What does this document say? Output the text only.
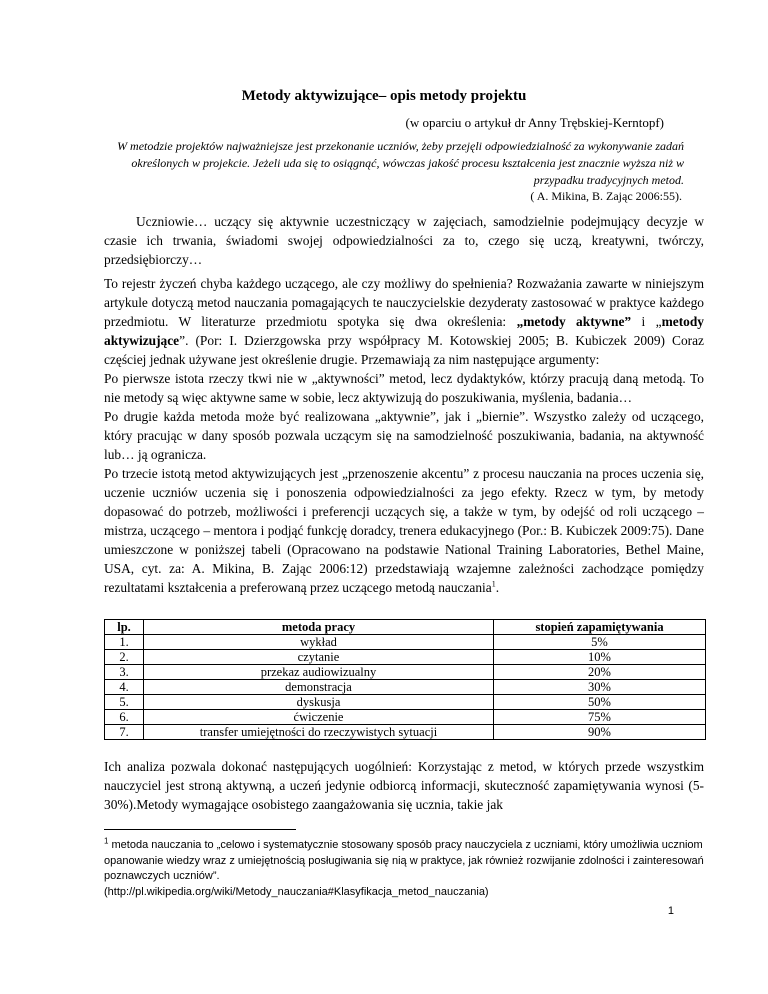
Metody aktywizujące– opis metody projektu
(w oparciu o artykuł dr Anny Trębskiej-Kerntopf)
W metodzie projektów najważniejsze jest przekonanie uczniów, żeby przejęli odpowiedzialność za wykonywanie zadań określonych w projekcie. Jeżeli uda się to osiągnąć, wówczas jakość procesu kształcenia jest znacznie wyższa niż w przypadku tradycyjnych metod.
( A. Mikina, B. Zając 2006:55).
Uczniowie… uczący się aktywnie uczestniczący w zajęciach, samodzielnie podejmujący decyzje w czasie ich trwania, świadomi swojej odpowiedzialności za to, czego się uczą, kreatywni, twórczy, przedsiębiorczy…

To rejestr życzeń chyba każdego uczącego, ale czy możliwy do spełnienia? Rozważania zawarte w niniejszym artykule dotyczą metod nauczania pomagających te nauczycielskie dezyderaty zastosować w praktyce każdego przedmiotu. W literaturze przedmiotu spotyka się dwa określenia: „metody aktywne” i „metody aktywizujące”. (Por: I. Dzierzgowska przy współpracy M. Kotowskiej 2005; B. Kubiczek 2009) Coraz częściej jednak używane jest określenie drugie. Przemawiają za nim następujące argumenty:

Po pierwsze istota rzeczy tkwi nie w „aktywności” metod, lecz dydaktyków, którzy pracują daną metodą. To nie metody są więc aktywne same w sobie, lecz aktywizują do poszukiwania, myślenia, badania…

Po drugie każda metoda może być realizowana „aktywnie”, jak i „biernie”. Wszystko zależy od uczącego, który pracując w dany sposób pozwala uczącym się na samodzielność poszukiwania, badania, na aktywność lub… ją ogranicza.

Po trzecie istotą metod aktywizujących jest „przenoszenie akcentu” z procesu nauczania na proces uczenia się, uczenie uczniów uczenia się i ponoszenia odpowiedzialności za jego efekty. Rzecz w tym, by metody dopasować do potrzeb, możliwości i preferencji uczących się, a także w tym, by odejść od roli uczącego – mistrza, uczącego – mentora i podjąć funkcję doradcy, trenera edukacyjnego (Por.: B. Kubiczek 2009:75). Dane umieszczone w poniższej tabeli (Opracowano na podstawie National Training Laboratories, Bethel Maine, USA, cyt. za: A. Mikina, B. Zając 2006:12) przedstawiają wzajemne zależności zachodzące pomiędzy rezultatami kształcenia a preferowaną przez uczącego metodą nauczania$^1$.

lp.	metoda pracy	stopień zapamiętywania
1.	wykład	5%
2.	czytanie	10%
3.	przekaz audiowizualny	20%
4.	demonstracja	30%
5.	dyskusja	50%
6.	ćwiczenie	75%
7.	transfer umiejętności do rzeczywistych sytuacji	90%
Ich analiza pozwala dokonać następujących uogólnień: Korzystając z metod, w których przede wszystkim nauczyciel jest stroną aktywną, a uczeń jedynie odbiorcą informacji, skuteczność zapamiętywania wynosi (5-30%).Metody wymagające osobistego zaangażowania się ucznia, takie jak
$^1$ metoda nauczania to „celowo i systematycznie stosowany sposób pracy nauczyciela z uczniami, który umożliwia uczniom opanowanie wiedzy wraz z umiejętnością posługiwania się nią w praktyce, jak również rozwijanie zdolności i zainteresowań poznawczych uczniów”.
(http://pl.wikipedia.org/wiki/Metody_nauczania#Klasyfikacja_metod_nauczania)
1
